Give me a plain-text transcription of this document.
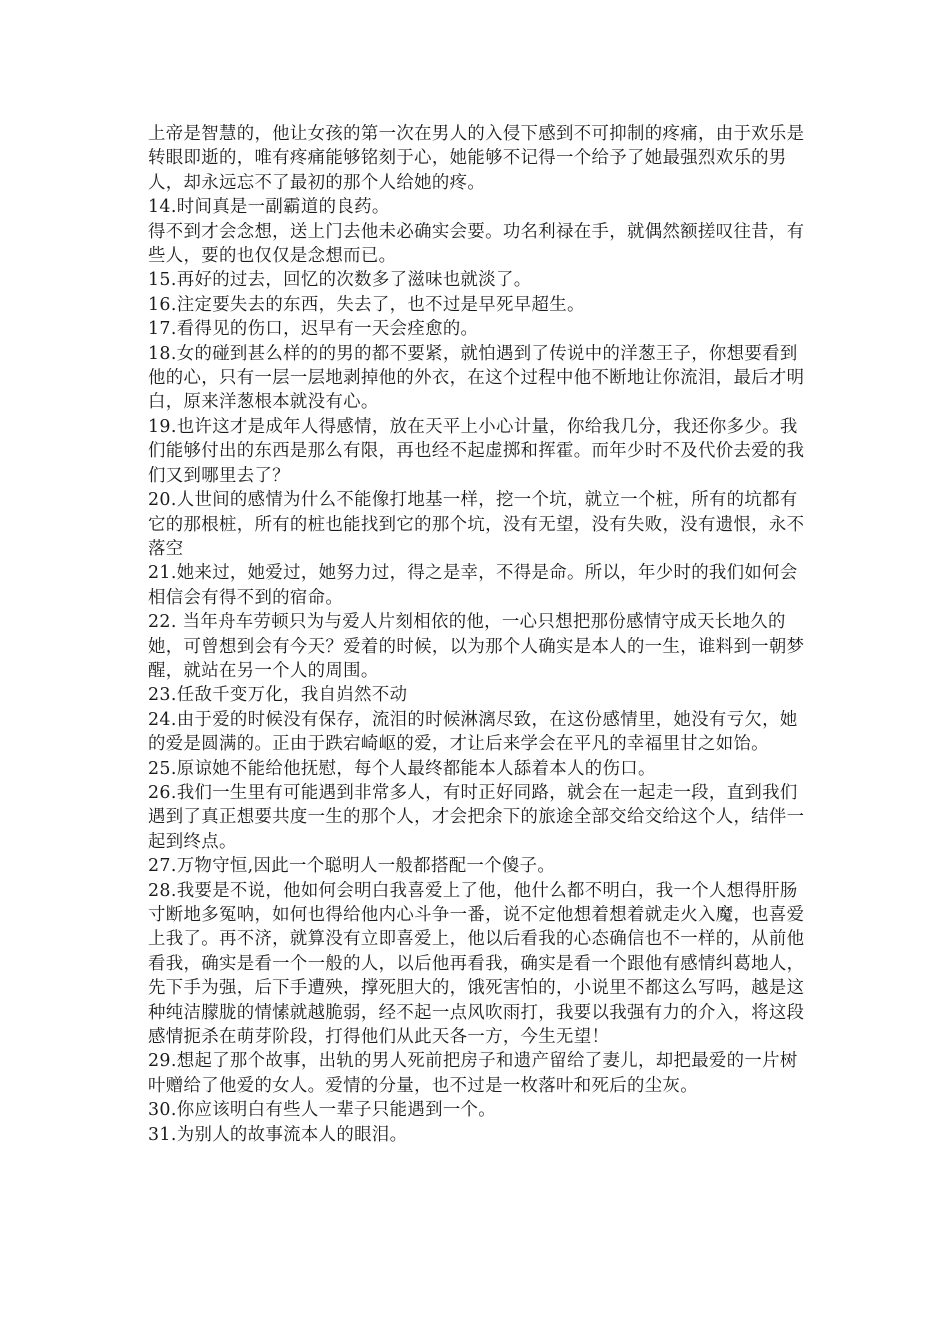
上帝是智慧的，他让女孩的第一次在男人的入侵下感到不可抑制的疼痛，由于欢乐是转眼即逝的，唯有疼痛能够铭刻于心，她能够不记得一个给予了她最强烈欢乐的男人，却永远忘不了最初的那个人给她的疼。

14.时间真是一副霸道的良药。

得不到才会念想，送上门去他未必确实会要。功名利禄在手，就偶然额搓叹往昔，有些人，要的也仅仅是念想而已。

15.再好的过去，回忆的次数多了滋味也就淡了。

16.注定要失去的东西，失去了，也不过是早死早超生。

17.看得见的伤口，迟早有一天会痊愈的。

18.女的碰到甚么样的的男的都不要紧，就怕遇到了传说中的洋葱王子，你想要看到他的心，只有一层一层地剥掉他的外衣，在这个过程中他不断地让你流泪，最后才明白，原来洋葱根本就没有心。

19.也许这才是成年人得感情，放在天平上小心计量，你给我几分，我还你多少。我们能够付出的东西是那么有限，再也经不起虚掷和挥霍。而年少时不及代价去爱的我们又到哪里去了？

20.人世间的感情为什么不能像打地基一样，挖一个坑，就立一个桩，所有的坑都有它的那根桩，所有的桩也能找到它的那个坑，没有无望，没有失败，没有遗恨，永不落空

21.她来过，她爱过，她努力过，得之是幸，不得是命。所以，年少时的我们如何会相信会有得不到的宿命。

22. 当年舟车劳顿只为与爱人片刻相依的他，一心只想把那份感情守成天长地久的她，可曾想到会有今天？爱着的时候，以为那个人确实是本人的一生，谁料到一朝梦醒，就站在另一个人的周围。

23.任敌千变万化，我自岿然不动

24.由于爱的时候没有保存，流泪的时候淋漓尽致，在这份感情里，她没有亏欠，她的爱是圆满的。正由于跌宕崎岖的爱，才让后来学会在平凡的幸福里甘之如饴。

25.原谅她不能给他抚慰，每个人最终都能本人舔着本人的伤口。

26.我们一生里有可能遇到非常多人，有时正好同路，就会在一起走一段，直到我们遇到了真正想要共度一生的那个人，才会把余下的旅途全部交给交给这个人，结伴一起到终点。

27.万物守恒,因此一个聪明人一般都搭配一个傻子。

28.我要是不说，他如何会明白我喜爱上了他，他什么都不明白，我一个人想得肝肠寸断地多冤呐，如何也得给他内心斗争一番，说不定他想着想着就走火入魔，也喜爱上我了。再不济，就算没有立即喜爱上，他以后看我的心态确信也不一样的，从前他看我，确实是看一个一般的人，以后他再看我，确实是看一个跟他有感情纠葛地人，先下手为强，后下手遭殃，撑死胆大的，饿死害怕的，小说里不都这么写吗，越是这种纯洁朦胧的情愫就越脆弱，经不起一点风吹雨打，我要以我强有力的介入，将这段感情扼杀在萌芽阶段，打得他们从此天各一方，今生无望！

29.想起了那个故事，出轨的男人死前把房子和遗产留给了妻儿，却把最爱的一片树叶赠给了他爱的女人。爱情的分量，也不过是一枚落叶和死后的尘灰。

30.你应该明白有些人一辈子只能遇到一个。

31.为别人的故事流本人的眼泪。
